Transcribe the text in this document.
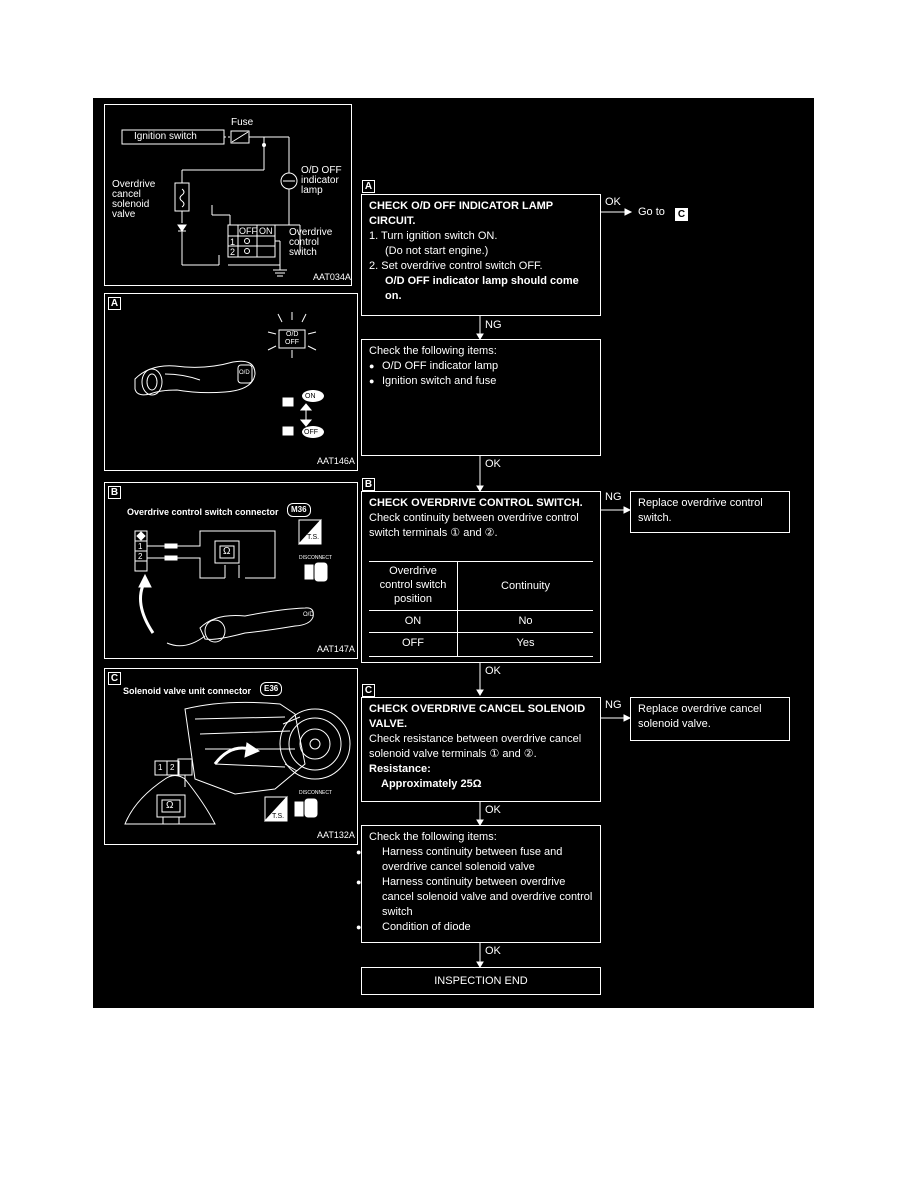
Ignition switch
Fuse
O/D OFF
indicator
lamp
Overdrive
cancel
solenoid
valve
Overdrive
control
switch
OFF ON
1
2
AAT034A
A
O/D
OFF
O/D
ON
OFF
AAT146A
B
Overdrive control switch connector	M36
1
2	Ω
T.S.
DISCONNECT
O/D
AAT147A
C
Solenoid valve unit connector	E36
1 2
Ω
T.S.
DISCONNECT
AAT132A
A
CHECK O/D OFF INDICATOR LAMP CIRCUIT.
1. Turn ignition switch ON.
(Do not start engine.)
2. Set overdrive control switch OFF.
O/D OFF indicator lamp should come on.
OK
Go to C
NG
Check the following items:
● O/D OFF indicator lamp
● Ignition switch and fuse
OK
B
CHECK OVERDRIVE CONTROL SWITCH.
Check continuity between overdrive control switch terminals ① and ②.
Overdrive control switch position
Continuity
ON	No
OFF	Yes
NG Replace overdrive control switch.
OK
C
CHECK OVERDRIVE CANCEL SOLENOID VALVE.
Check resistance between overdrive cancel solenoid valve terminals ① and ②.
Resistance:
Approximately 25Ω
NG Replace overdrive cancel solenoid valve.
OK
Check the following items:
● Harness continuity between fuse and overdrive cancel solenoid valve
● Harness continuity between overdrive cancel solenoid valve and overdrive control switch
● Condition of diode
OK
INSPECTION END
